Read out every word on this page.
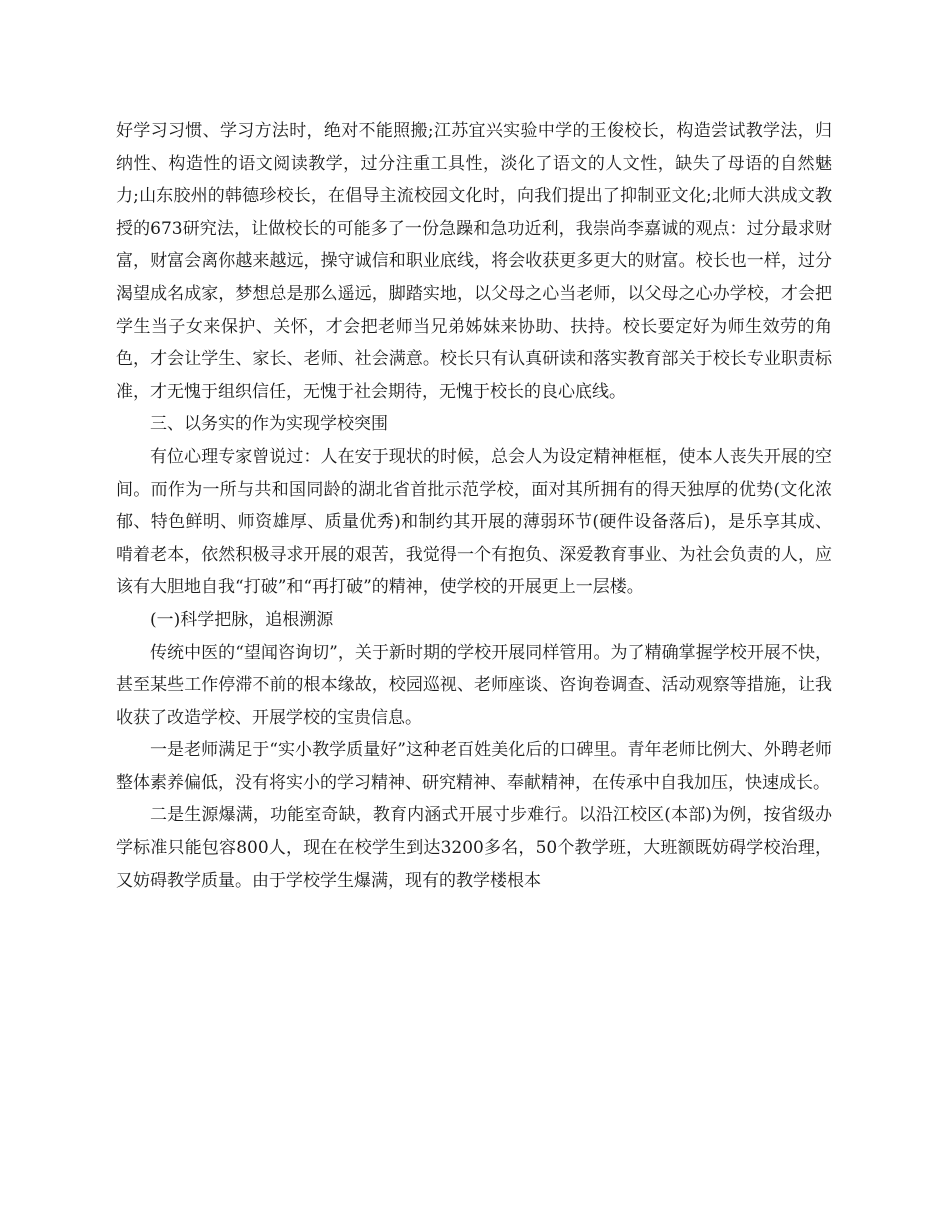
好学习习惯、学习方法时，绝对不能照搬;江苏宜兴实验中学的王俊校长，构造尝试教学法，归纳性、构造性的语文阅读教学，过分注重工具性，淡化了语文的人文性，缺失了母语的自然魅力;山东胶州的韩德珍校长，在倡导主流校园文化时，向我们提出了抑制亚文化;北师大洪成文教授的673研究法，让做校长的可能多了一份急躁和急功近利，我崇尚李嘉诚的观点：过分最求财富，财富会离你越来越远，操守诚信和职业底线，将会收获更多更大的财富。校长也一样，过分渴望成名成家，梦想总是那么遥远，脚踏实地，以父母之心当老师，以父母之心办学校，才会把学生当子女来保护、关怀，才会把老师当兄弟姊妹来协助、扶持。校长要定好为师生效劳的角色，才会让学生、家长、老师、社会满意。校长只有认真研读和落实教育部关于校长专业职责标准，才无愧于组织信任，无愧于社会期待，无愧于校长的良心底线。

三、以务实的作为实现学校突围

有位心理专家曾说过：人在安于现状的时候，总会人为设定精神框框，使本人丧失开展的空间。而作为一所与共和国同龄的湖北省首批示范学校，面对其所拥有的得天独厚的优势(文化浓郁、特色鲜明、师资雄厚、质量优秀)和制约其开展的薄弱环节(硬件设备落后)，是乐享其成、啃着老本，依然积极寻求开展的艰苦，我觉得一个有抱负、深爱教育事业、为社会负责的人，应该有大胆地自我“打破”和“再打破”的精神，使学校的开展更上一层楼。

(一)科学把脉，追根溯源

传统中医的“望闻咨询切”，关于新时期的学校开展同样管用。为了精确掌握学校开展不快，甚至某些工作停滞不前的根本缘故，校园巡视、老师座谈、咨询卷调查、活动观察等措施，让我收获了改造学校、开展学校的宝贵信息。

一是老师满足于“实小教学质量好”这种老百姓美化后的口碑里。青年老师比例大、外聘老师整体素养偏低，没有将实小的学习精神、研究精神、奉献精神，在传承中自我加压，快速成长。

二是生源爆满，功能室奇缺，教育内涵式开展寸步难行。以沿江校区(本部)为例，按省级办学标准只能包容800人，现在在校学生到达3200多名，50个教学班，大班额既妨碍学校治理，又妨碍教学质量。由于学校学生爆满，现有的教学楼根本
